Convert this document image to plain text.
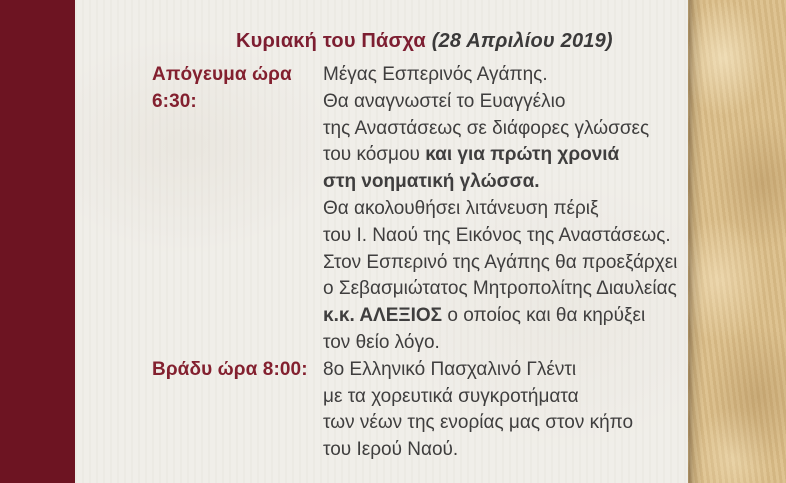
Κυριακή του Πάσχα (28 Απριλίου 2019)
Απόγευμα ώρα 6:30:
Μέγας Εσπερινός Αγάπης.
Θα αναγνωστεί το Ευαγγέλιο
της Αναστάσεως σε διάφορες γλώσσες
του κόσμου και για πρώτη χρονιά
στη νοηματική γλώσσα.
Θα ακολουθήσει λιτάνευση πέριξ
του Ι. Ναού της Εικόνος της Αναστάσεως.
Στον Εσπερινό της Αγάπης θα προεξάρχει
ο Σεβασμιώτατος Μητροπολίτης Διαυλείας
κ.κ. ΑΛΕΞΙΟΣ ο οποίος και θα κηρύξει
τον θείο λόγο.
Βράδυ ώρα 8:00: 8ο Ελληνικό Πασχαλινό Γλέντι
με τα χορευτικά συγκροτήματα
των νέων της ενορίας μας στον κήπο
του Ιερού Ναού.
